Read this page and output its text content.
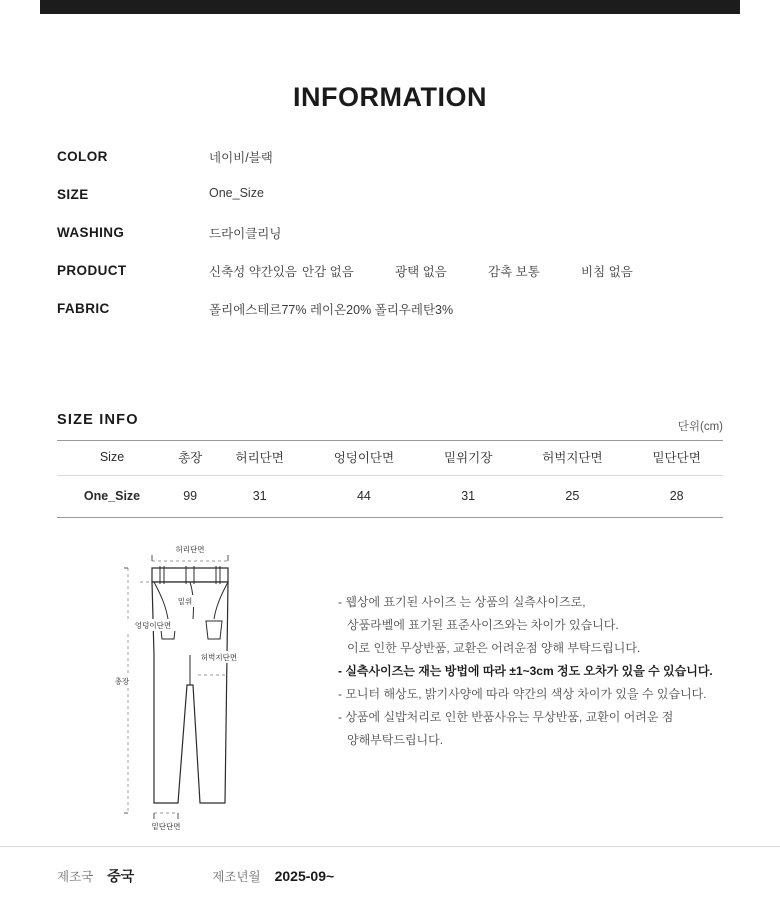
INFORMATION
COLOR	네이비/블랙
SIZE	One_Size
WASHING	드라이클리닝
PRODUCT	신축성 약간있음 안감 없음	광택 없음	감촉 보통	비침 없음
FABRIC	폴리에스테르77% 레이온20% 폴리우레탄3%
SIZE INFO	단위(cm)
Size	총장	허리단면	엉덩이단면	밑위기장	허벅지단면	밑단단면
One_Size	99	31	44	31	25	28
허리단면
밑위
엉덩이단면
허벅지단면
총장
밑단단면
- 웹상에 표기된 사이즈 는 상품의 실측사이즈로,
상품라벨에 표기된 표준사이즈와는 차이가 있습니다.
이로 인한 무상반품, 교환은 어려운점 양해 부탁드립니다.
- 실측사이즈는 재는 방법에 따라 ±1~3cm 정도 오차가 있을 수 있습니다.
- 모니터 해상도, 밝기사양에 따라 약간의 색상 차이가 있을 수 있습니다.
- 상품에 실밥처리로 인한 반품사유는 무상반품, 교환이 어려운 점
양해부탁드립니다.
제조국 중국	제조년월 2025-09~
